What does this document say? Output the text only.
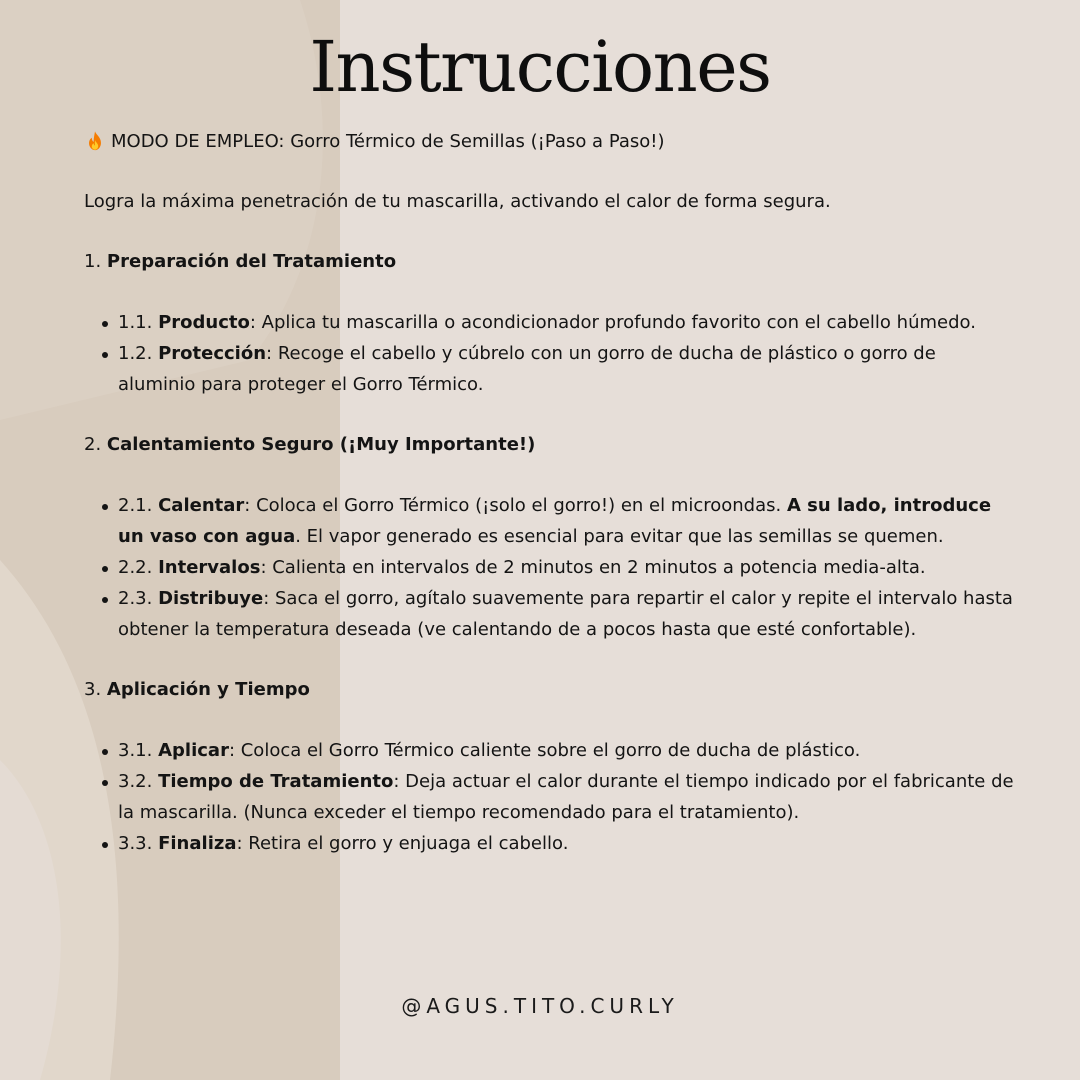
Instrucciones
MODO DE EMPLEO: Gorro Térmico de Semillas (¡Paso a Paso!)

Logra la máxima penetración de tu mascarilla, activando el calor de forma segura.

1. Preparación del Tratamiento

1.1. Producto: Aplica tu mascarilla o acondicionador profundo favorito con el cabello húmedo.
1.2. Protección: Recoge el cabello y cúbrelo con un gorro de ducha de plástico o gorro de aluminio para proteger el Gorro Térmico.

2. Calentamiento Seguro (¡Muy Importante!)

2.1. Calentar: Coloca el Gorro Térmico (¡solo el gorro!) en el microondas. A su lado, introduce un vaso con agua. El vapor generado es esencial para evitar que las semillas se quemen.
2.2. Intervalos: Calienta en intervalos de 2 minutos en 2 minutos a potencia media-alta.
2.3. Distribuye: Saca el gorro, agítalo suavemente para repartir el calor y repite el intervalo hasta obtener la temperatura deseada (ve calentando de a pocos hasta que esté confortable).

3. Aplicación y Tiempo

3.1. Aplicar: Coloca el Gorro Térmico caliente sobre el gorro de ducha de plástico.
3.2. Tiempo de Tratamiento: Deja actuar el calor durante el tiempo indicado por el fabricante de la mascarilla. (Nunca exceder el tiempo recomendado para el tratamiento).
3.3. Finaliza: Retira el gorro y enjuaga el cabello.
@AGUS.TITO.CURLY
